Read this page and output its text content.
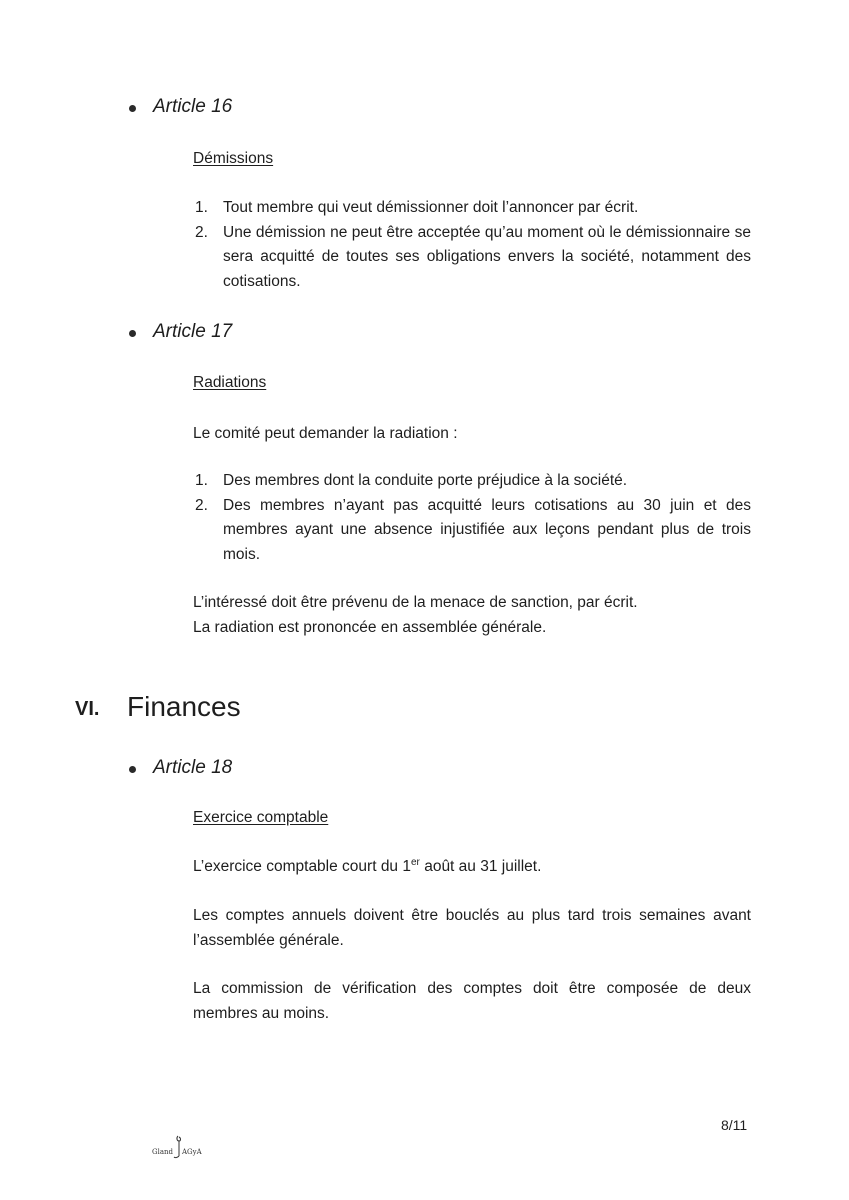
Article 16
Démissions
1. Tout membre qui veut démissionner doit l’annoncer par écrit.
2. Une démission ne peut être acceptée qu’au moment où le démissionnaire se sera acquitté de toutes ses obligations envers la société, notamment des cotisations.
Article 17
Radiations
Le comité peut demander la radiation :
1. Des membres dont la conduite porte préjudice à la société.
2. Des membres n’ayant pas acquitté leurs cotisations au 30 juin et des membres ayant une absence injustifiée aux leçons pendant plus de trois mois.
L’intéressé doit être prévenu de la menace de sanction, par écrit.
La radiation est prononcée en assemblée générale.
VI. Finances
Article 18
Exercice comptable
L’exercice comptable court du 1er août au 31 juillet.
Les comptes annuels doivent être bouclés au plus tard trois semaines avant l’assemblée générale.
La commission de vérification des comptes doit être composée de deux membres au moins.
8/11
Gland AGyA
